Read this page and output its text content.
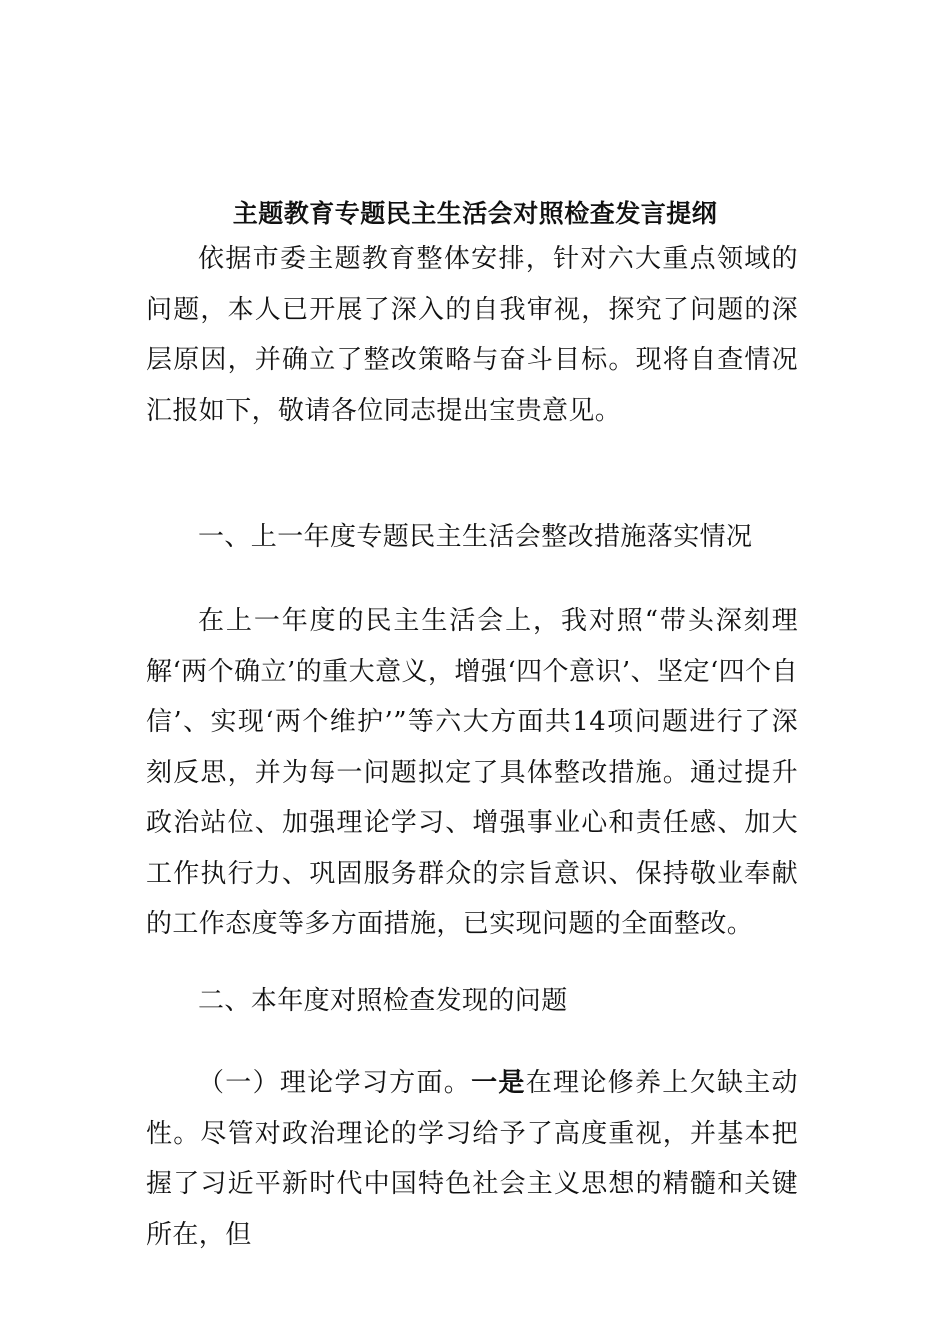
主题教育专题民主生活会对照检查发言提纲

依据市委主题教育整体安排，针对六大重点领域的问题，本人已开展了深入的自我审视，探究了问题的深层原因，并确立了整改策略与奋斗目标。现将自查情况汇报如下，敬请各位同志提出宝贵意见。

一、上一年度专题民主生活会整改措施落实情况

在上一年度的民主生活会上，我对照“带头深刻理解‘两个确立’的重大意义，增强‘四个意识’、坚定‘四个自信’、实现‘两个维护’”等六大方面共14项问题进行了深刻反思，并为每一问题拟定了具体整改措施。通过提升政治站位、加强理论学习、增强事业心和责任感、加大工作执行力、巩固服务群众的宗旨意识、保持敬业奉献的工作态度等多方面措施，已实现问题的全面整改。

二、本年度对照检查发现的问题

（一）理论学习方面。一是在理论修养上欠缺主动性。尽管对政治理论的学习给予了高度重视，并基本把握了习近平新时代中国特色社会主义思想的精髓和关键所在，但
